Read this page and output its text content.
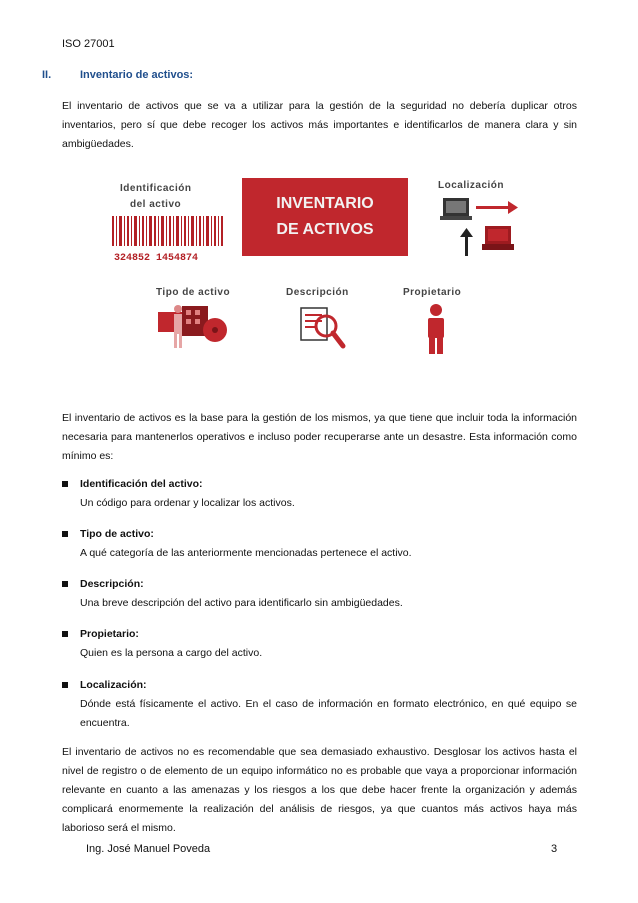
ISO 27001
II.	Inventario de activos:
El inventario de activos que se va a utilizar para la gestión de la seguridad no debería duplicar otros inventarios, pero sí que debe recoger los activos más importantes e identificarlos de manera clara y sin ambigüedades.
Identificación
del activo
324852 1454874
INVENTARIO
DE ACTIVOS
Localización
Tipo de activo	Descripción	Propietario
El inventario de activos es la base para la gestión de los mismos, ya que tiene que incluir toda la información necesaria para mantenerlos operativos e incluso poder recuperarse ante un desastre. Esta información como mínimo es:
Identificación del activo:
Un código para ordenar y localizar los activos.
Tipo de activo:
A qué categoría de las anteriormente mencionadas pertenece el activo.
Descripción:
Una breve descripción del activo para identificarlo sin ambigüedades.
Propietario:
Quien es la persona a cargo del activo.
Localización:
Dónde está físicamente el activo. En el caso de información en formato electrónico, en qué equipo se encuentra.
El inventario de activos no es recomendable que sea demasiado exhaustivo. Desglosar los activos hasta el nivel de registro o de elemento de un equipo informático no es probable que vaya a proporcionar información relevante en cuanto a las amenazas y los riesgos a los que debe hacer frente la organización y además complicará enormemente la realización del análisis de riesgos, ya que cuantos más activos haya más laborioso será el mismo.
Ing. José Manuel Poveda	3
